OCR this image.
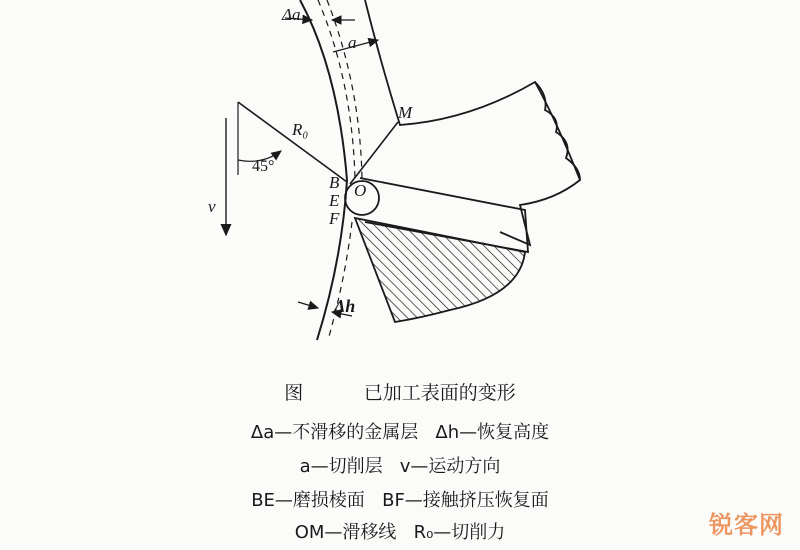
Δa
a
M
R₀
45°
B
E
F
O
v
Δh
图          已加工表面的变形
Δa—不滑移的金属层   Δh—恢复高度
a—切削层   v—运动方向
BE—磨损棱面   BF—接触挤压恢复面
OM—滑移线   R₀—切削力	锐客网
